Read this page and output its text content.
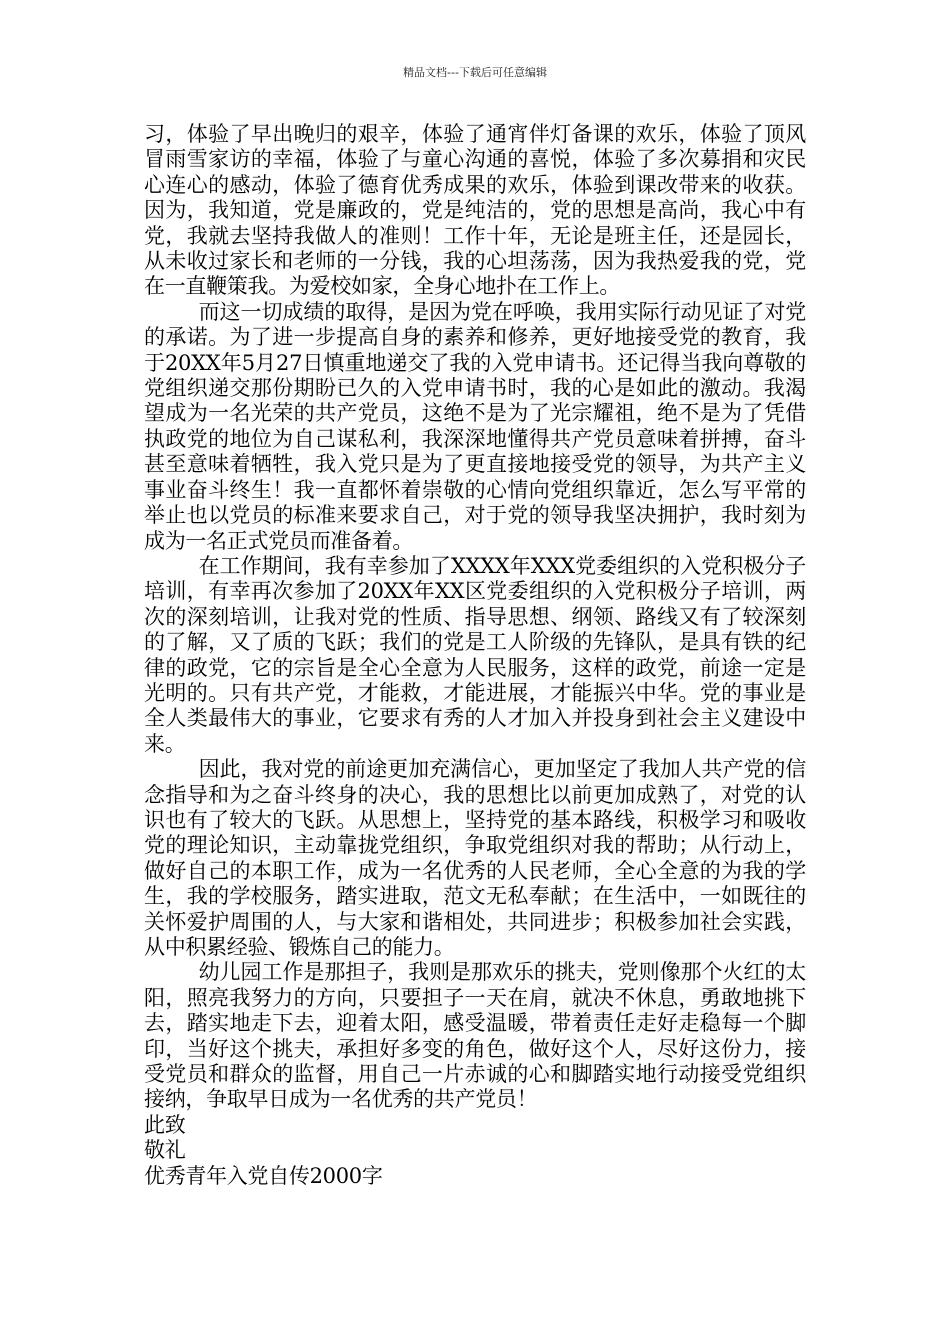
精品文档---下载后可任意编辑

习，体验了早出晚归的艰辛，体验了通宵伴灯备课的欢乐，体验了顶风冒雨雪家访的幸福，体验了与童心沟通的喜悦，体验了多次募捐和灾民心连心的感动，体验了德育优秀成果的欢乐，体验到课改带来的收获。因为，我知道，党是廉政的，党是纯洁的，党的思想是高尚，我心中有党，我就去坚持我做人的准则！工作十年，无论是班主任，还是园长，从未收过家长和老师的一分钱，我的心坦荡荡，因为我热爱我的党，党在一直鞭策我。为爱校如家，全身心地扑在工作上。

而这一切成绩的取得，是因为党在呼唤，我用实际行动见证了对党的承诺。为了进一步提高自身的素养和修养，更好地接受党的教育，我于20XX年5月27日慎重地递交了我的入党申请书。还记得当我向尊敬的党组织递交那份期盼已久的入党申请书时，我的心是如此的激动。我渴望成为一名光荣的共产党员，这绝不是为了光宗耀祖，绝不是为了凭借执政党的地位为自己谋私利，我深深地懂得共产党员意味着拼搏，奋斗甚至意味着牺牲，我入党只是为了更直接地接受党的领导，为共产主义事业奋斗终生！我一直都怀着崇敬的心情向党组织靠近，怎么写平常的举止也以党员的标准来要求自己，对于党的领导我坚决拥护，我时刻为成为一名正式党员而准备着。

在工作期间，我有幸参加了XXXX年XXX党委组织的入党积极分子培训，有幸再次参加了20XX年XX区党委组织的入党积极分子培训，两次的深刻培训，让我对党的性质、指导思想、纲领、路线又有了较深刻的了解，又了质的飞跃；我们的党是工人阶级的先锋队，是具有铁的纪律的政党，它的宗旨是全心全意为人民服务，这样的政党，前途一定是光明的。只有共产党，才能救，才能进展，才能振兴中华。党的事业是全人类最伟大的事业，它要求有秀的人才加入并投身到社会主义建设中来。

因此，我对党的前途更加充满信心，更加坚定了我加人共产党的信念指导和为之奋斗终身的决心，我的思想比以前更加成熟了，对党的认识也有了较大的飞跃。从思想上，坚持党的基本路线，积极学习和吸收党的理论知识，主动靠拢党组织，争取党组织对我的帮助；从行动上，做好自己的本职工作，成为一名优秀的人民老师，全心全意的为我的学生，我的学校服务，踏实进取，范文无私奉献；在生活中，一如既往的关怀爱护周围的人，与大家和谐相处，共同进步；积极参加社会实践，从中积累经验、锻炼自己的能力。

幼儿园工作是那担子，我则是那欢乐的挑夫，党则像那个火红的太阳，照亮我努力的方向，只要担子一天在肩，就决不休息，勇敢地挑下去，踏实地走下去，迎着太阳，感受温暖，带着责任走好走稳每一个脚印，当好这个挑夫，承担好多变的角色，做好这个人，尽好这份力，接受党员和群众的监督，用自己一片赤诚的心和脚踏实地行动接受党组织接纳，争取早日成为一名优秀的共产党员！

此致

敬礼

优秀青年入党自传2000字
